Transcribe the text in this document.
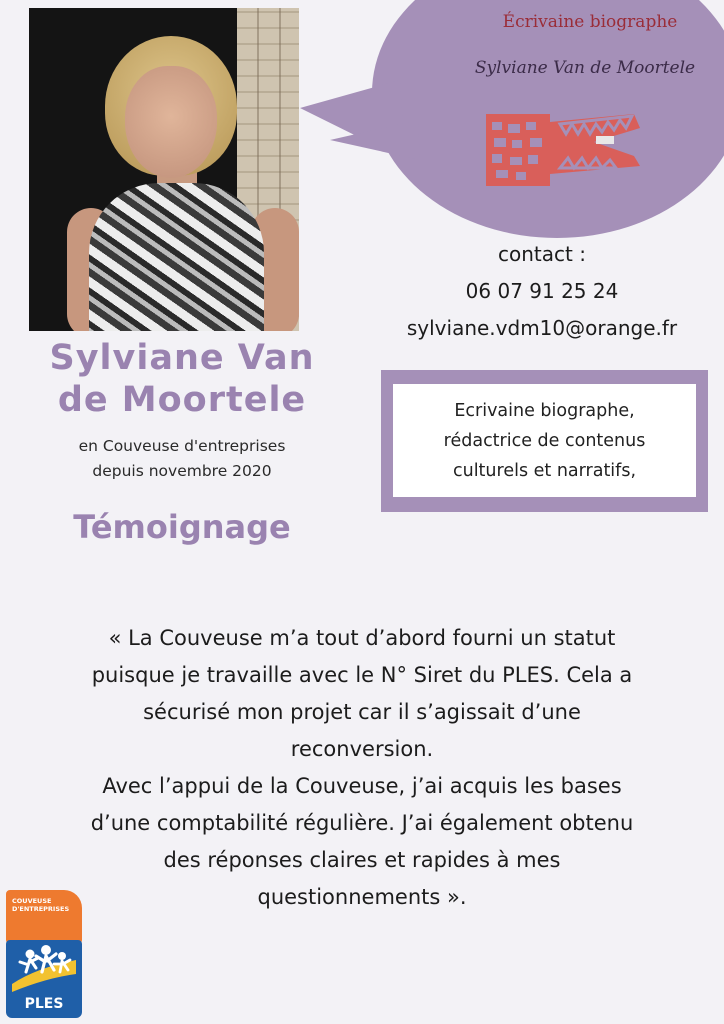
Écrivaine biographe
Sylviane Van de Moortele
contact :
06 07 91 25 24
sylviane.vdm10@orange.fr
Sylviane Van
de Moortele
en Couveuse d'entreprises
depuis novembre 2020
Témoignage
Ecrivaine biographe,
rédactrice de contenus
culturels et narratifs,
« La Couveuse m’a tout d’abord fourni un statut
puisque je travaille avec le N° Siret du PLES. Cela a
sécurisé mon projet car il s’agissait d’une
reconversion.
Avec l’appui de la Couveuse, j’ai acquis les bases
d’une comptabilité régulière. J’ai également obtenu
des réponses claires et rapides à mes
questionnements ».
COUVEUSE
D'ENTREPRISES
PLES
